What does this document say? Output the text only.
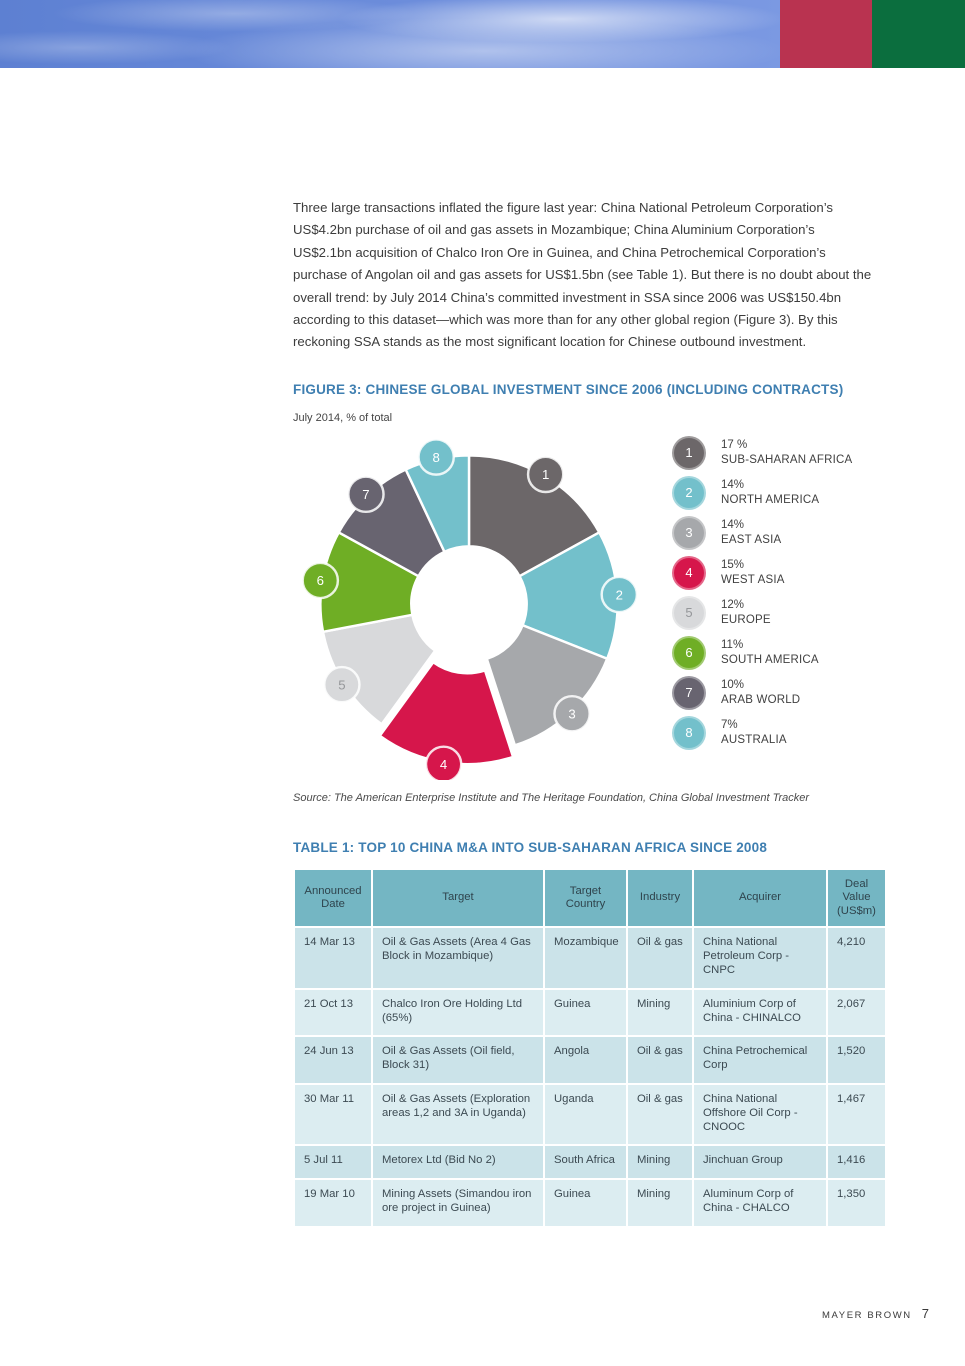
Three large transactions inflated the figure last year: China National Petroleum Corporation’s US$4.2bn purchase of oil and gas assets in Mozambique; China Aluminium Corporation’s US$2.1bn acquisition of Chalco Iron Ore in Guinea, and China Petrochemical Corporation’s purchase of Angolan oil and gas assets for US$1.5bn (see Table 1). But there is no doubt about the overall trend: by July 2014 China’s committed investment in SSA since 2006 was US$150.4bn according to this dataset—which was more than for any other global region (Figure 3). By this reckoning SSA stands as the most significant location for Chinese outbound investment.

FIGURE 3: CHINESE GLOBAL INVESTMENT SINCE 2006 (INCLUDING CONTRACTS)
July 2014, % of total
1
2
3
4
5
6
7
8	1	17 %
SUB-SAHARAN AFRICA
2	14%
NORTH AMERICA
3	14%
EAST ASIA
4	15%
WEST ASIA
5	12%
EUROPE
6	11%
SOUTH AMERICA
7	10%
ARAB WORLD
8	7%
AUSTRALIA
Source: The American Enterprise Institute and The Heritage Foundation, China Global Investment Tracker
TABLE 1: TOP 10 CHINA M&A INTO SUB-SAHARAN AFRICA SINCE 2008
Announced Date	Target	Target Country	Industry	Acquirer	Deal Value (US$m)
14 Mar 13	Oil & Gas Assets (Area 4 Gas Block in Mozambique)	Mozambique	Oil & gas	China National Petroleum Corp - CNPC	4,210
21 Oct 13	Chalco Iron Ore Holding Ltd (65%)	Guinea	Mining	Aluminium Corp of China - CHINALCO	2,067
24 Jun 13	Oil & Gas Assets (Oil field, Block 31)	Angola	Oil & gas	China Petrochemical Corp	1,520
30 Mar 11	Oil & Gas Assets (Exploration areas 1,2 and 3A in Uganda)	Uganda	Oil & gas	China National Offshore Oil Corp - CNOOC	1,467
5 Jul 11	Metorex Ltd (Bid No 2)	South Africa	Mining	Jinchuan Group	1,416
19 Mar 10	Mining Assets (Simandou iron ore project in Guinea)	Guinea	Mining	Aluminum Corp of China - CHALCO	1,350
MAYER BROWN 7
